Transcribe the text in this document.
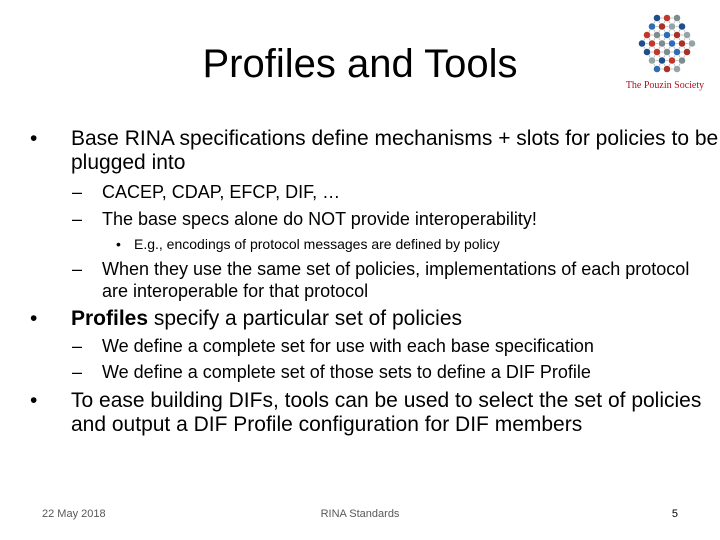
Profiles and Tools	The Pouzin Society
•	Base RINA specifications define mechanisms + slots for policies to be plugged into
–	CACEP, CDAP, EFCP, DIF, …
–	The base specs alone do NOT provide interoperability!
• E.g., encodings of protocol messages are defined by policy
–	When they use the same set of policies, implementations of each protocol are interoperable for that protocol
•	Profiles specify a particular set of policies
–	We define a complete set for use with each base specification
–	We define a complete set of those sets to define a DIF Profile
•	To ease building DIFs, tools can be used to select the set of policies and output a DIF Profile configuration for DIF members
22 May 2018	RINA Standards	5
